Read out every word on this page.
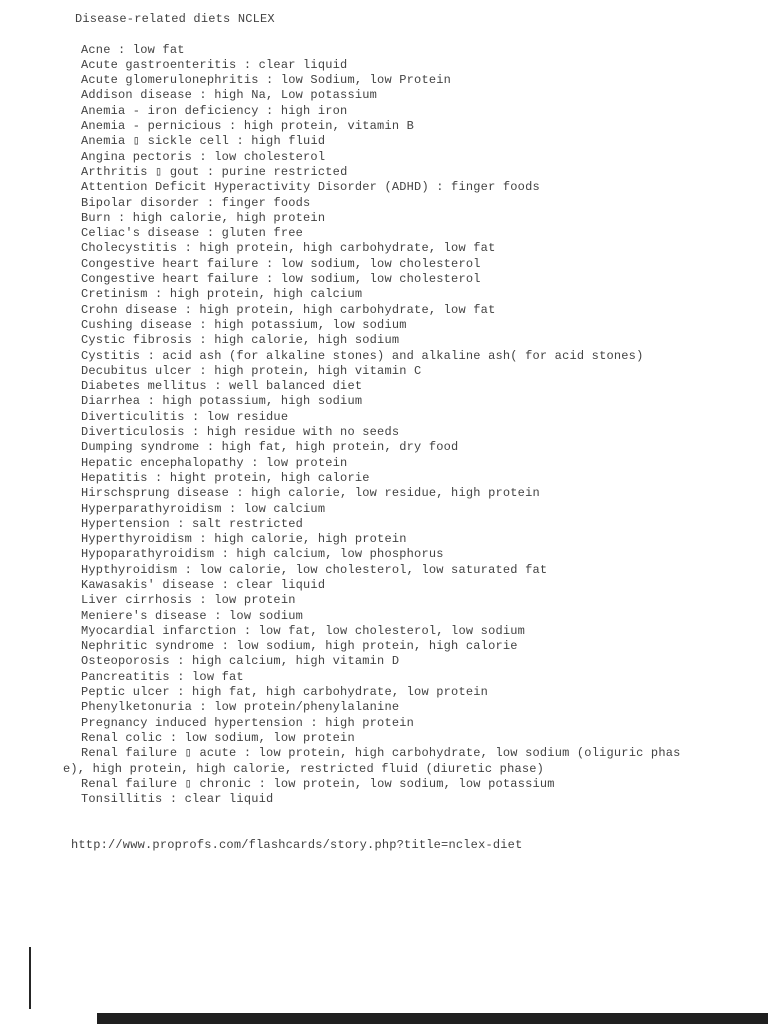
Disease-related diets NCLEX
Acne : low fat
Acute gastroenteritis : clear liquid
Acute glomerulonephritis : low Sodium, low Protein
Addison disease : high Na, Low potassium
Anemia - iron deficiency : high iron
Anemia - pernicious : high protein, vitamin B
Anemia ▯ sickle cell : high fluid
Angina pectoris : low cholesterol
Arthritis ▯ gout : purine restricted
Attention Deficit Hyperactivity Disorder (ADHD) : finger foods
Bipolar disorder : finger foods
Burn : high calorie, high protein
Celiac's disease : gluten free
Cholecystitis : high protein, high carbohydrate, low fat
Congestive heart failure : low sodium, low cholesterol
Congestive heart failure : low sodium, low cholesterol
Cretinism : high protein, high calcium
Crohn disease : high protein, high carbohydrate, low fat
Cushing disease : high potassium, low sodium
Cystic fibrosis : high calorie, high sodium
Cystitis : acid ash (for alkaline stones) and alkaline ash( for acid stones)
Decubitus ulcer : high protein, high vitamin C
Diabetes mellitus : well balanced diet
Diarrhea : high potassium, high sodium
Diverticulitis : low residue
Diverticulosis : high residue with no seeds
Dumping syndrome : high fat, high protein, dry food
Hepatic encephalopathy : low protein
Hepatitis : hight protein, high calorie
Hirschsprung disease : high calorie, low residue, high protein
Hyperparathyroidism : low calcium
Hypertension : salt restricted
Hyperthyroidism : high calorie, high protein
Hypoparathyroidism : high calcium, low phosphorus
Hypthyroidism : low calorie, low cholesterol, low saturated fat
Kawasakis' disease : clear liquid
Liver cirrhosis : low protein
Meniere's disease : low sodium
Myocardial infarction : low fat, low cholesterol, low sodium
Nephritic syndrome : low sodium, high protein, high calorie
Osteoporosis : high calcium, high vitamin D
Pancreatitis : low fat
Peptic ulcer : high fat, high carbohydrate, low protein
Phenylketonuria : low protein/phenylalanine
Pregnancy induced hypertension : high protein
Renal colic : low sodium, low protein
Renal failure ▯ acute : low protein, high carbohydrate, low sodium (oliguric phas
e), high protein, high calorie, restricted fluid (diuretic phase)
Renal failure ▯ chronic : low protein, low sodium, low potassium
Tonsillitis : clear liquid
http://www.proprofs.com/flashcards/story.php?title=nclex-diet
